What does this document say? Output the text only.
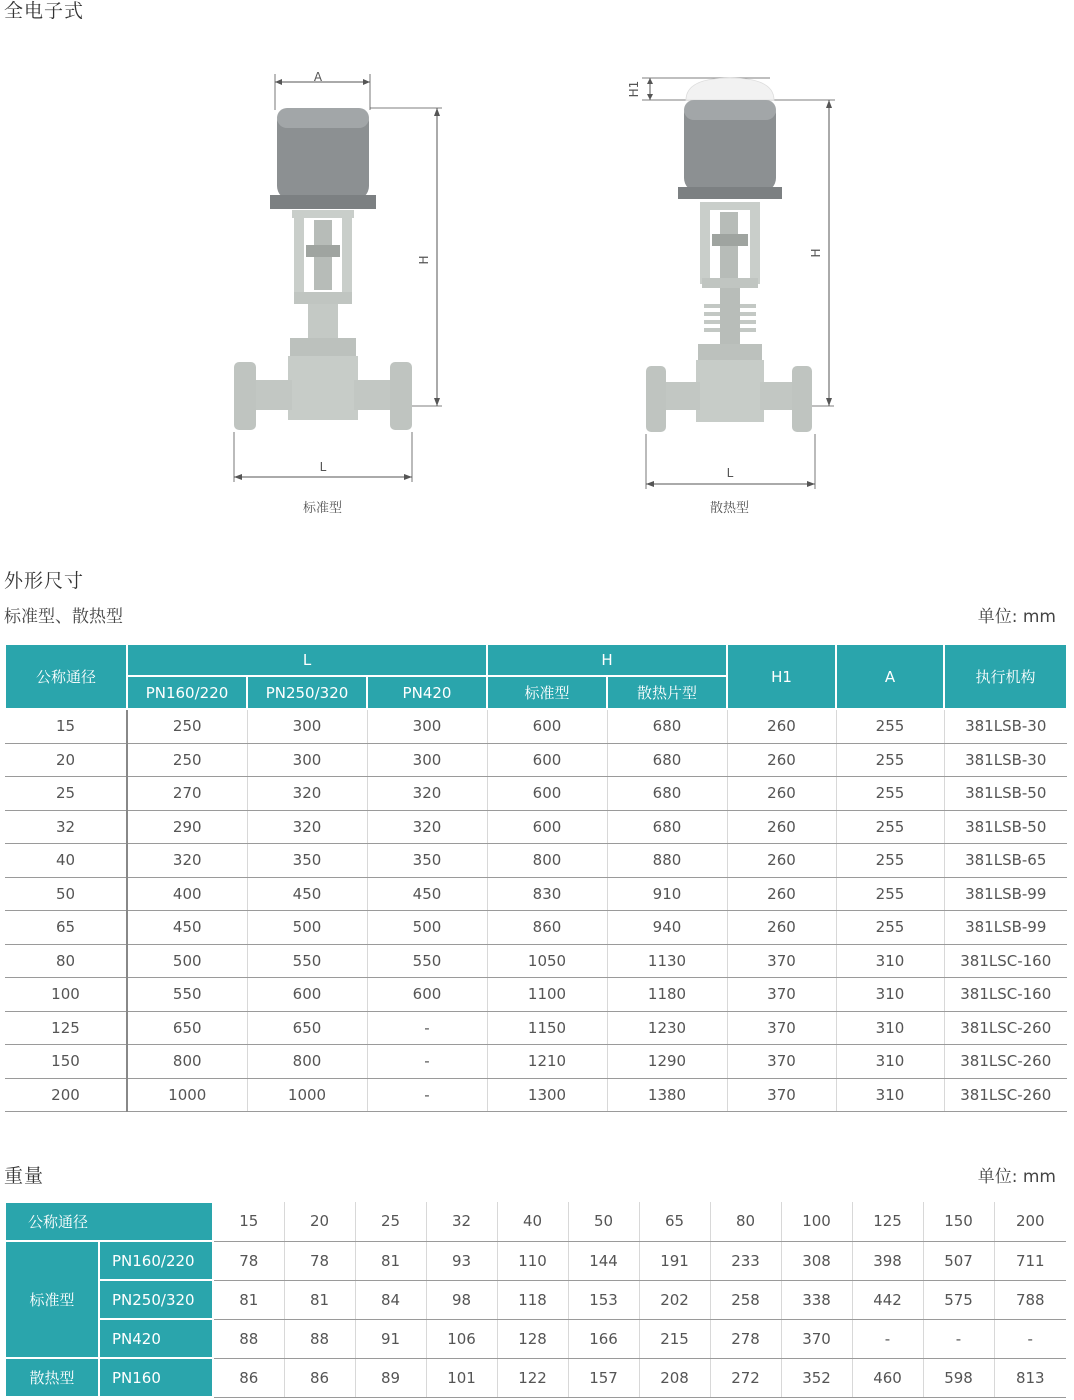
全电子式
A
H
L
标准型
H1
H
L
散热型
外形尺寸
标准型、散热型	单位: mm
公称通径	L			H		H1	A	执行机构
	PN160/220	PN250/320	PN420	标准型	散热片型			
15	250	300	300	600	680	260	255	381LSB-30
20	250	300	300	600	680	260	255	381LSB-30
25	270	320	320	600	680	260	255	381LSB-50
32	290	320	320	600	680	260	255	381LSB-50
40	320	350	350	800	880	260	255	381LSB-65
50	400	450	450	830	910	260	255	381LSB-99
65	450	500	500	860	940	260	255	381LSB-99
80	500	550	550	1050	1130	370	310	381LSC-160
100	550	600	600	1100	1180	370	310	381LSC-160
125	650	650	-	1150	1230	370	310	381LSC-260
150	800	800	-	1210	1290	370	310	381LSC-260
200	1000	1000	-	1300	1380	370	310	381LSC-260
重量	单位: mm
公称通径		15	20	25	32	40	50	65	80	100	125	150	200
标准型	PN160/220	78	78	81	93	110	144	191	233	308	398	507	711
	PN250/320	81	81	84	98	118	153	202	258	338	442	575	788
	PN420	88	88	91	106	128	166	215	278	370	-	-	-
散热型	PN160	86	86	89	101	122	157	208	272	352	460	598	813
